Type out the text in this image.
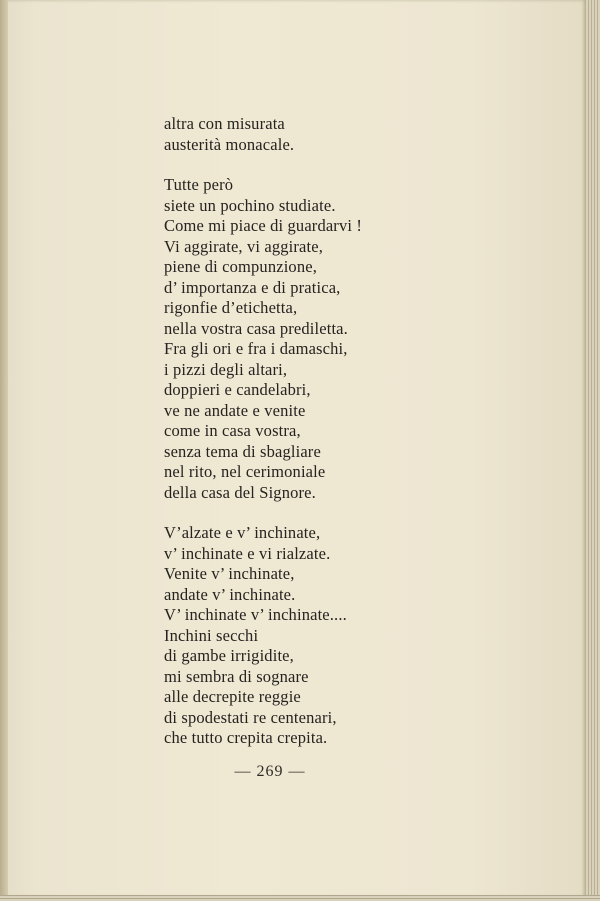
altra con misurata
austerità monacale.
Tutte però
siete un pochino studiate.
Come mi piace di guardarvi !
Vi aggirate, vi aggirate,
piene di compunzione,
d’ importanza e di pratica,
rigonfie d’etichetta,
nella vostra casa prediletta.
Fra gli ori e fra i damaschi,
i pizzi degli altari,
doppieri e candelabri,
ve ne andate e venite
come in casa vostra,
senza tema di sbagliare
nel rito, nel cerimoniale
della casa del Signore.
V’alzate e v’ inchinate,
v’ inchinate e vi rialzate.
Venite v’ inchinate,
andate v’ inchinate.
V’ inchinate v’ inchinate....
Inchini secchi
di gambe irrigidite,
mi sembra di sognare
alle decrepite reggie
di spodestati re centenari,
che tutto crepita crepita.
— 269 —
